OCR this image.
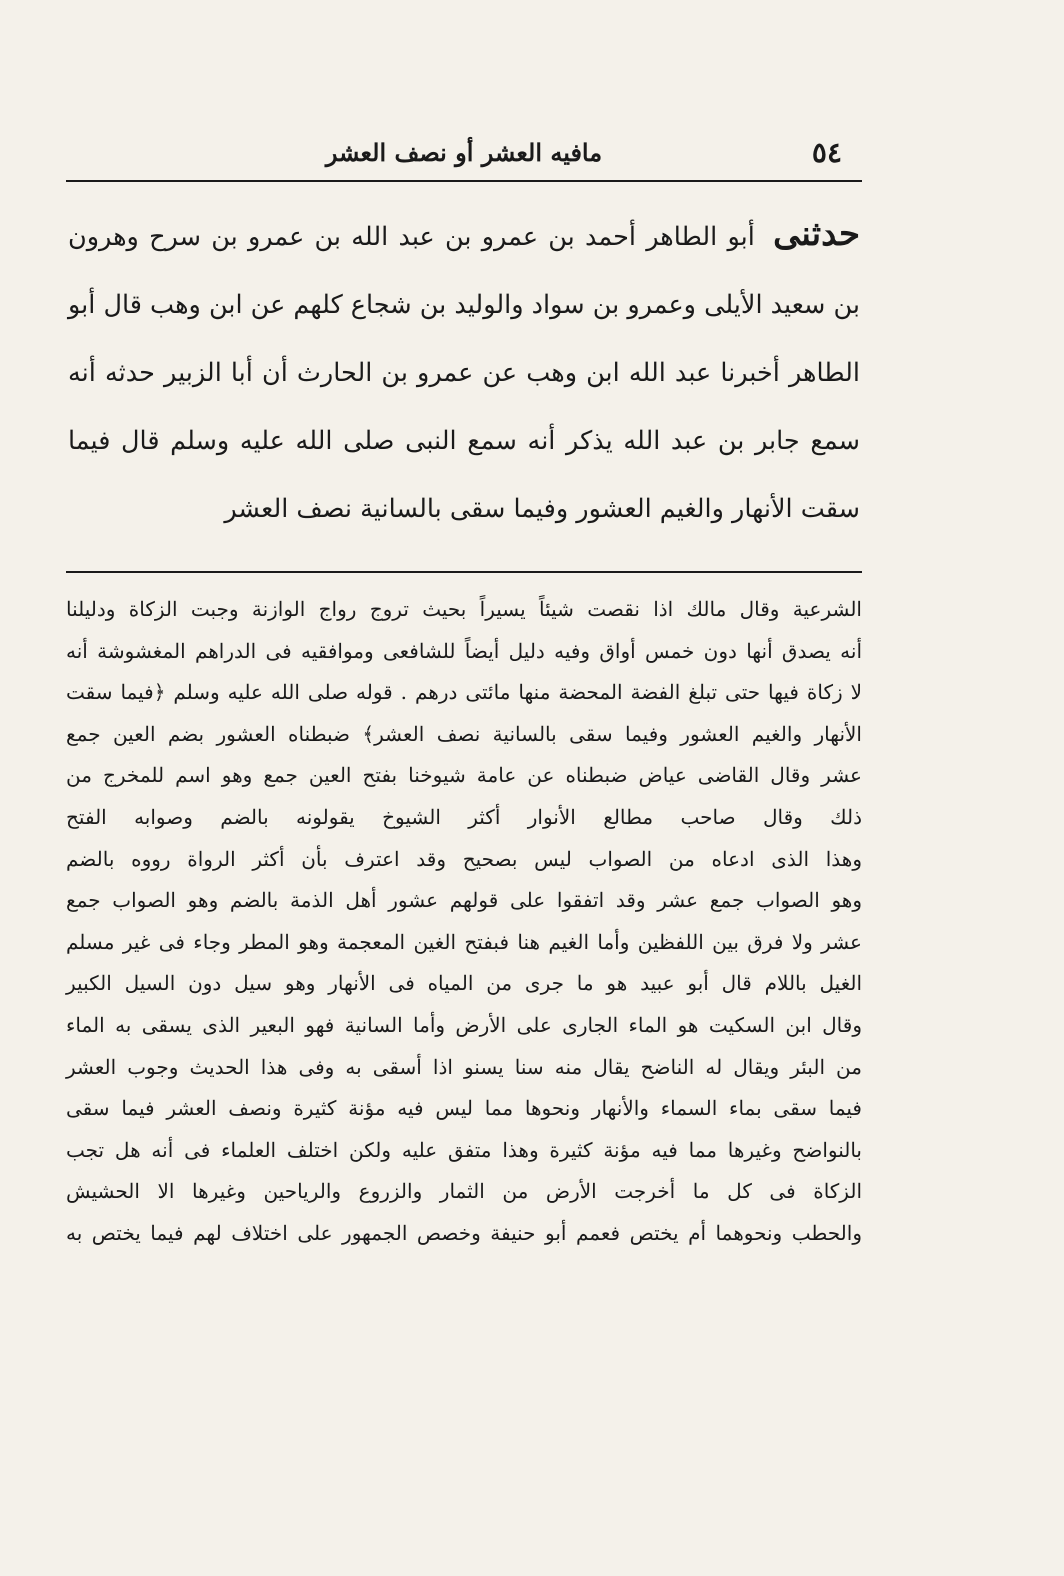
٥٤
مافيه العشر أو نصف العشر
حدثنى أبو الطاهر أحمد بن عمرو بن عبد الله بن عمرو بن سرح وهرون بن سعيد الأيلى وعمرو بن سواد والوليد بن شجاع كلهم عن ابن وهب قال أبو الطاهر أخبرنا عبد الله ابن وهب عن عمرو بن الحارث أن أبا الزبير حدثه أنه سمع جابر بن عبد الله يذكر أنه سمع النبى صلى الله عليه وسلم قال فيما سقت الأنهار والغيم العشور وفيما سقى بالسانية نصف العشر
الشرعية وقال مالك اذا نقصت شيئاً يسيراً بحيث تروج رواج الوازنة وجبت الزكاة ودليلنا
أنه يصدق أنها دون خمس أواق وفيه دليل أيضاً للشافعى وموافقيه فى الدراهم المغشوشة أنه
لا زكاة فيها حتى تبلغ الفضة المحضة منها مائتى درهم . قوله صلى الله عليه وسلم ﴿فيما سقت
الأنهار والغيم العشور وفيما سقى بالسانية نصف العشر﴾ ضبطناه العشور بضم العين جمع
عشر وقال القاضى عياض ضبطناه عن عامة شيوخنا بفتح العين جمع وهو اسم للمخرج من
ذلك وقال صاحب مطالع الأنوار أكثر الشيوخ يقولونه بالضم وصوابه الفتح
وهذا الذى ادعاه من الصواب ليس بصحيح وقد اعترف بأن أكثر الرواة رووه بالضم
وهو الصواب جمع عشر وقد اتفقوا على قولهم عشور أهل الذمة بالضم وهو الصواب جمع
عشر ولا فرق بين اللفظين وأما الغيم هنا فبفتح الغين المعجمة وهو المطر وجاء فى غير مسلم
الغيل باللام قال أبو عبيد هو ما جرى من المياه فى الأنهار وهو سيل دون السيل الكبير
وقال ابن السكيت هو الماء الجارى على الأرض وأما السانية فهو البعير الذى يسقى به الماء
من البئر ويقال له الناضح يقال منه سنا يسنو اذا أسقى به وفى هذا الحديث وجوب العشر
فيما سقى بماء السماء والأنهار ونحوها مما ليس فيه مؤنة كثيرة ونصف العشر فيما سقى
بالنواضح وغيرها مما فيه مؤنة كثيرة وهذا متفق عليه ولكن اختلف العلماء فى أنه هل تجب
الزكاة فى كل ما أخرجت الأرض من الثمار والزروع والرياحين وغيرها الا الحشيش
والحطب ونحوهما أم يختص فعمم أبو حنيفة وخصص الجمهور على اختلاف لهم فيما يختص به
